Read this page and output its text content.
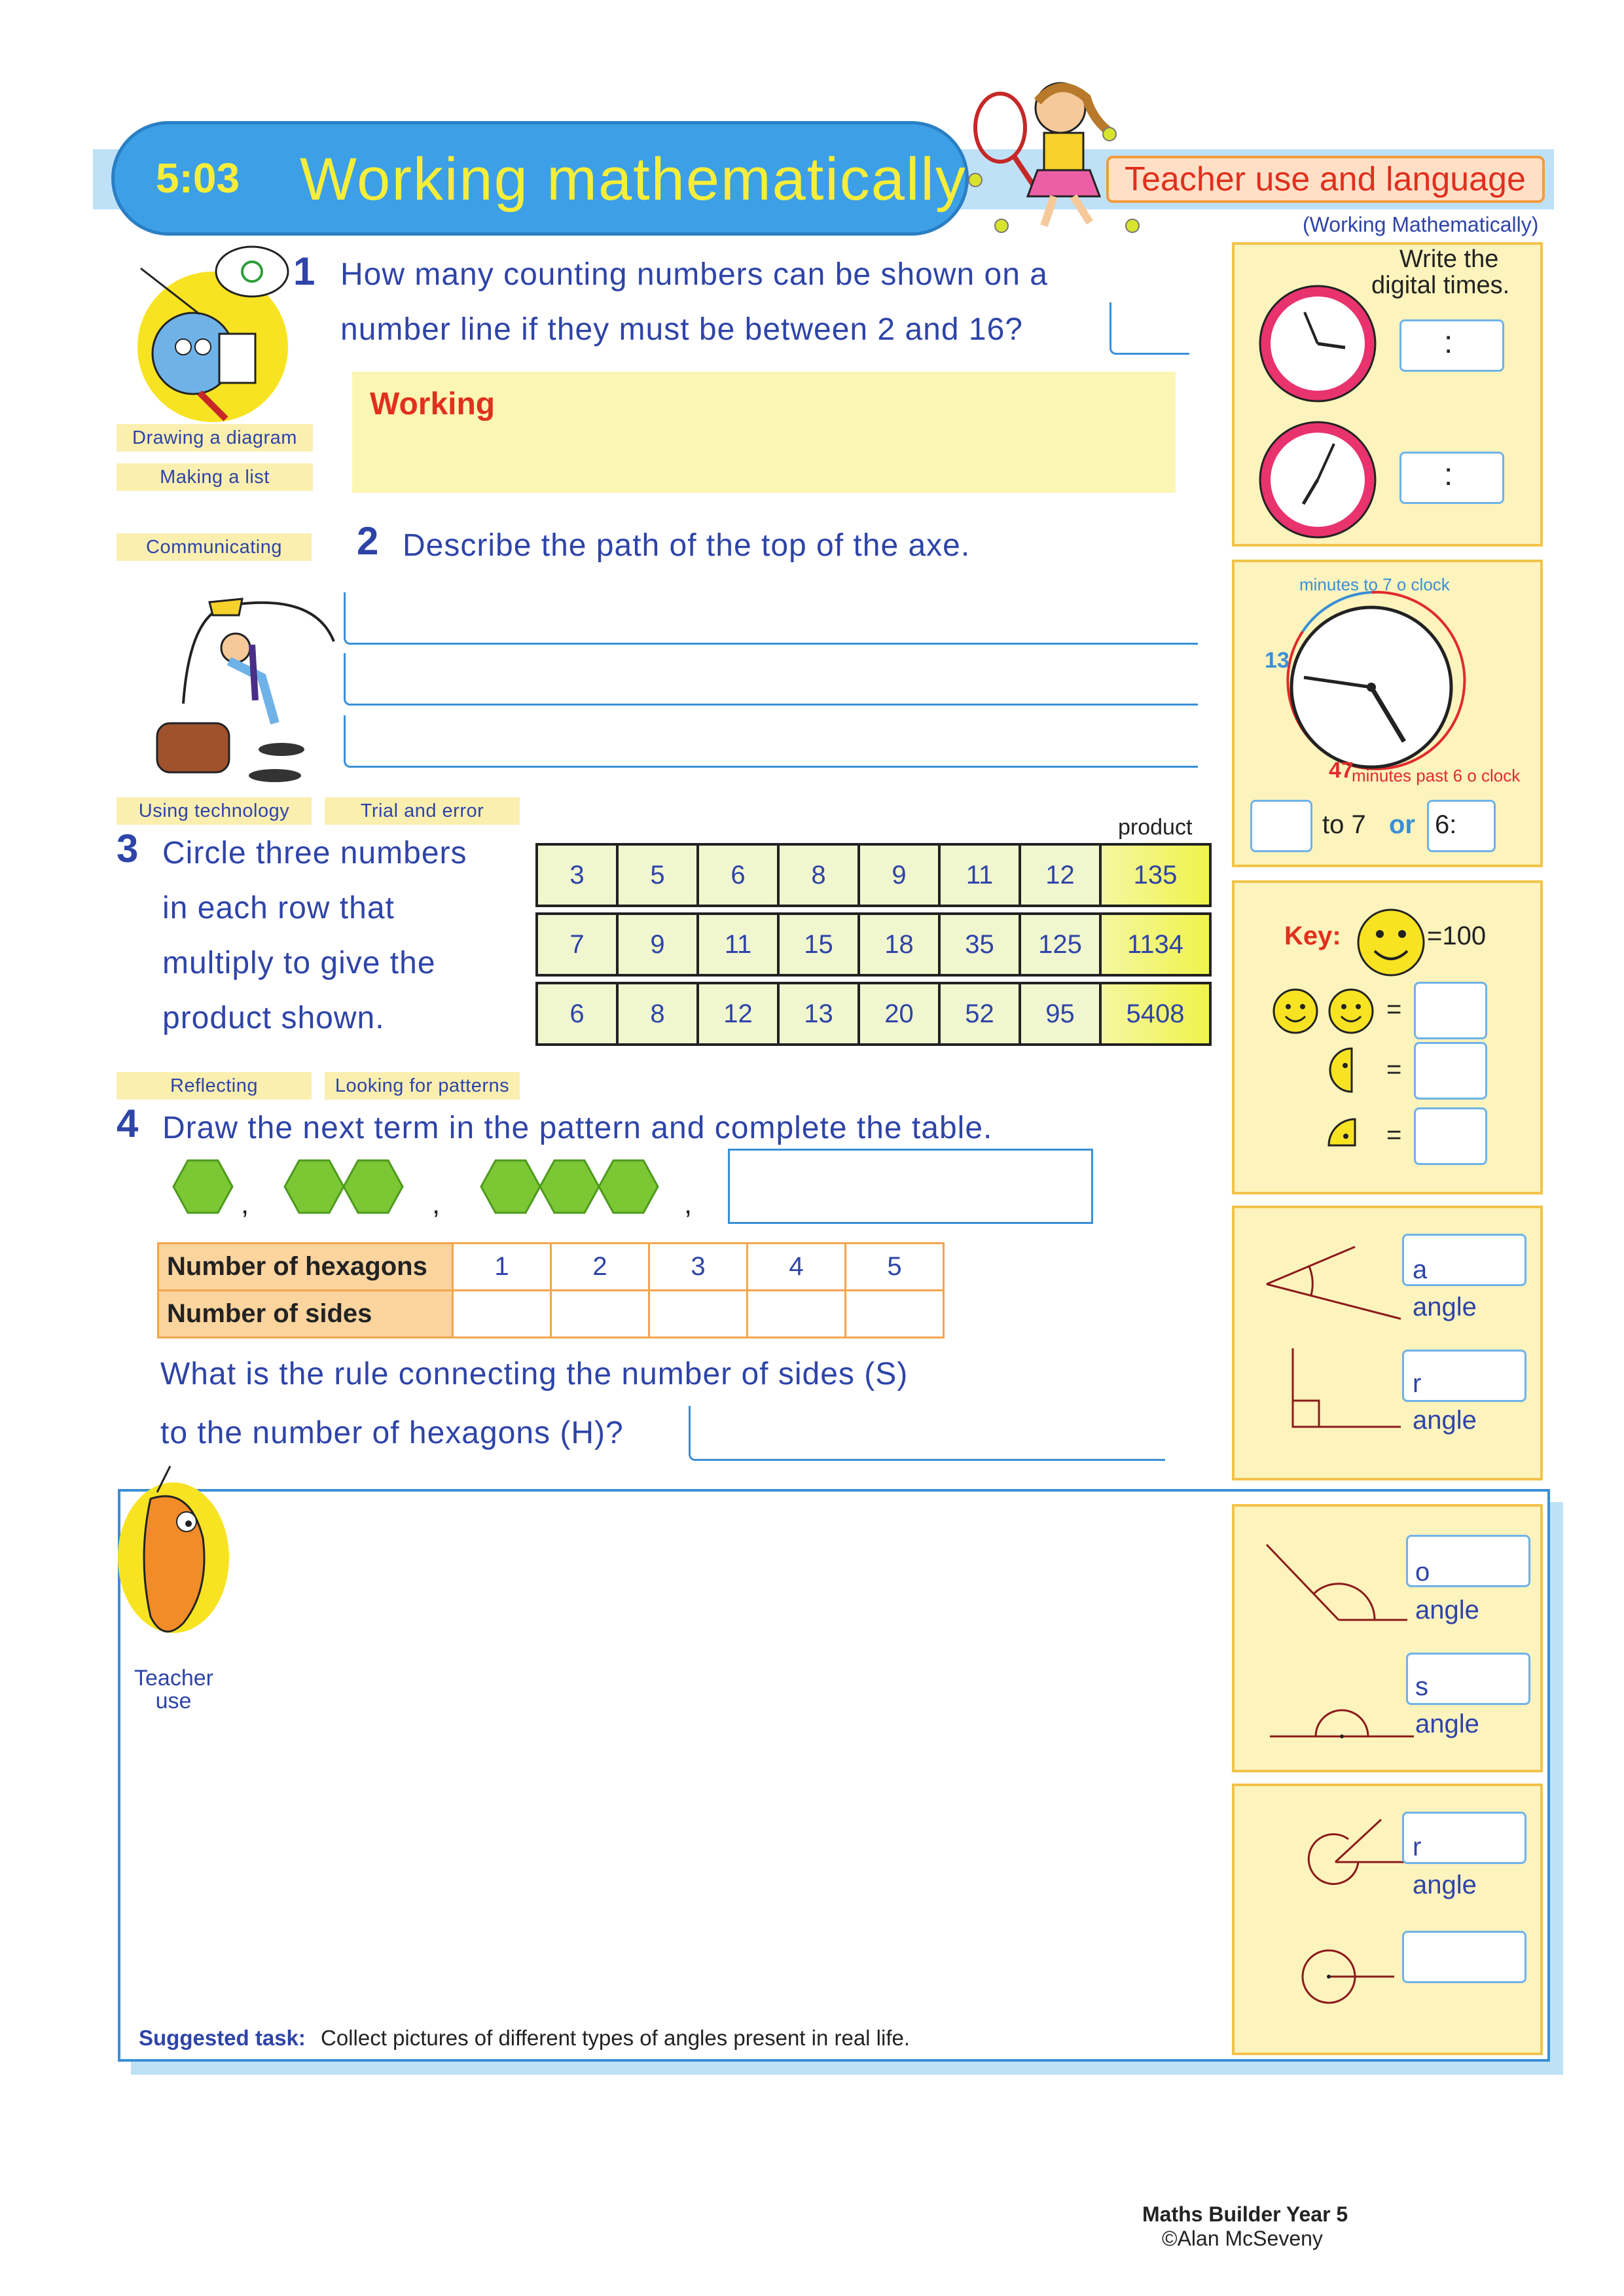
5:03 Working mathematically	Teacher use and language
(Working Mathematically)
1 How many counting numbers can be shown on a
number line if they must be between 2 and 16?
Drawing a diagram
Making a list
Working
Communicating	2 Describe the path of the top of the axe.
Using technology	Trial and error
3 Circle three numbers
in each row that
multiply to give the
product shown.
product
3	5	6	8	9	11	12	135
7	9	11	15	18	35	125	1134
6	8	12	13	20	52	95	5408
Reflecting	Looking for patterns
4 Draw the next term in the pattern and complete the table.
,	,	,
Number of hexagons	1	2	3	4	5
Number of sides					
What is the rule connecting the number of sides (S)
to the number of hexagons (H)?
Teacher
use
Suggested task: Collect pictures of different types of angles present in real life.
Write the
digital times.
:
:
13
minutes to 7 o clock
47
minutes past 6 o clock
to 7 or 6:
Key:	=100
=
=
=
a
angle
r
angle
o
angle
s
angle
r
angle
Maths Builder Year 5
©Alan McSeveny
